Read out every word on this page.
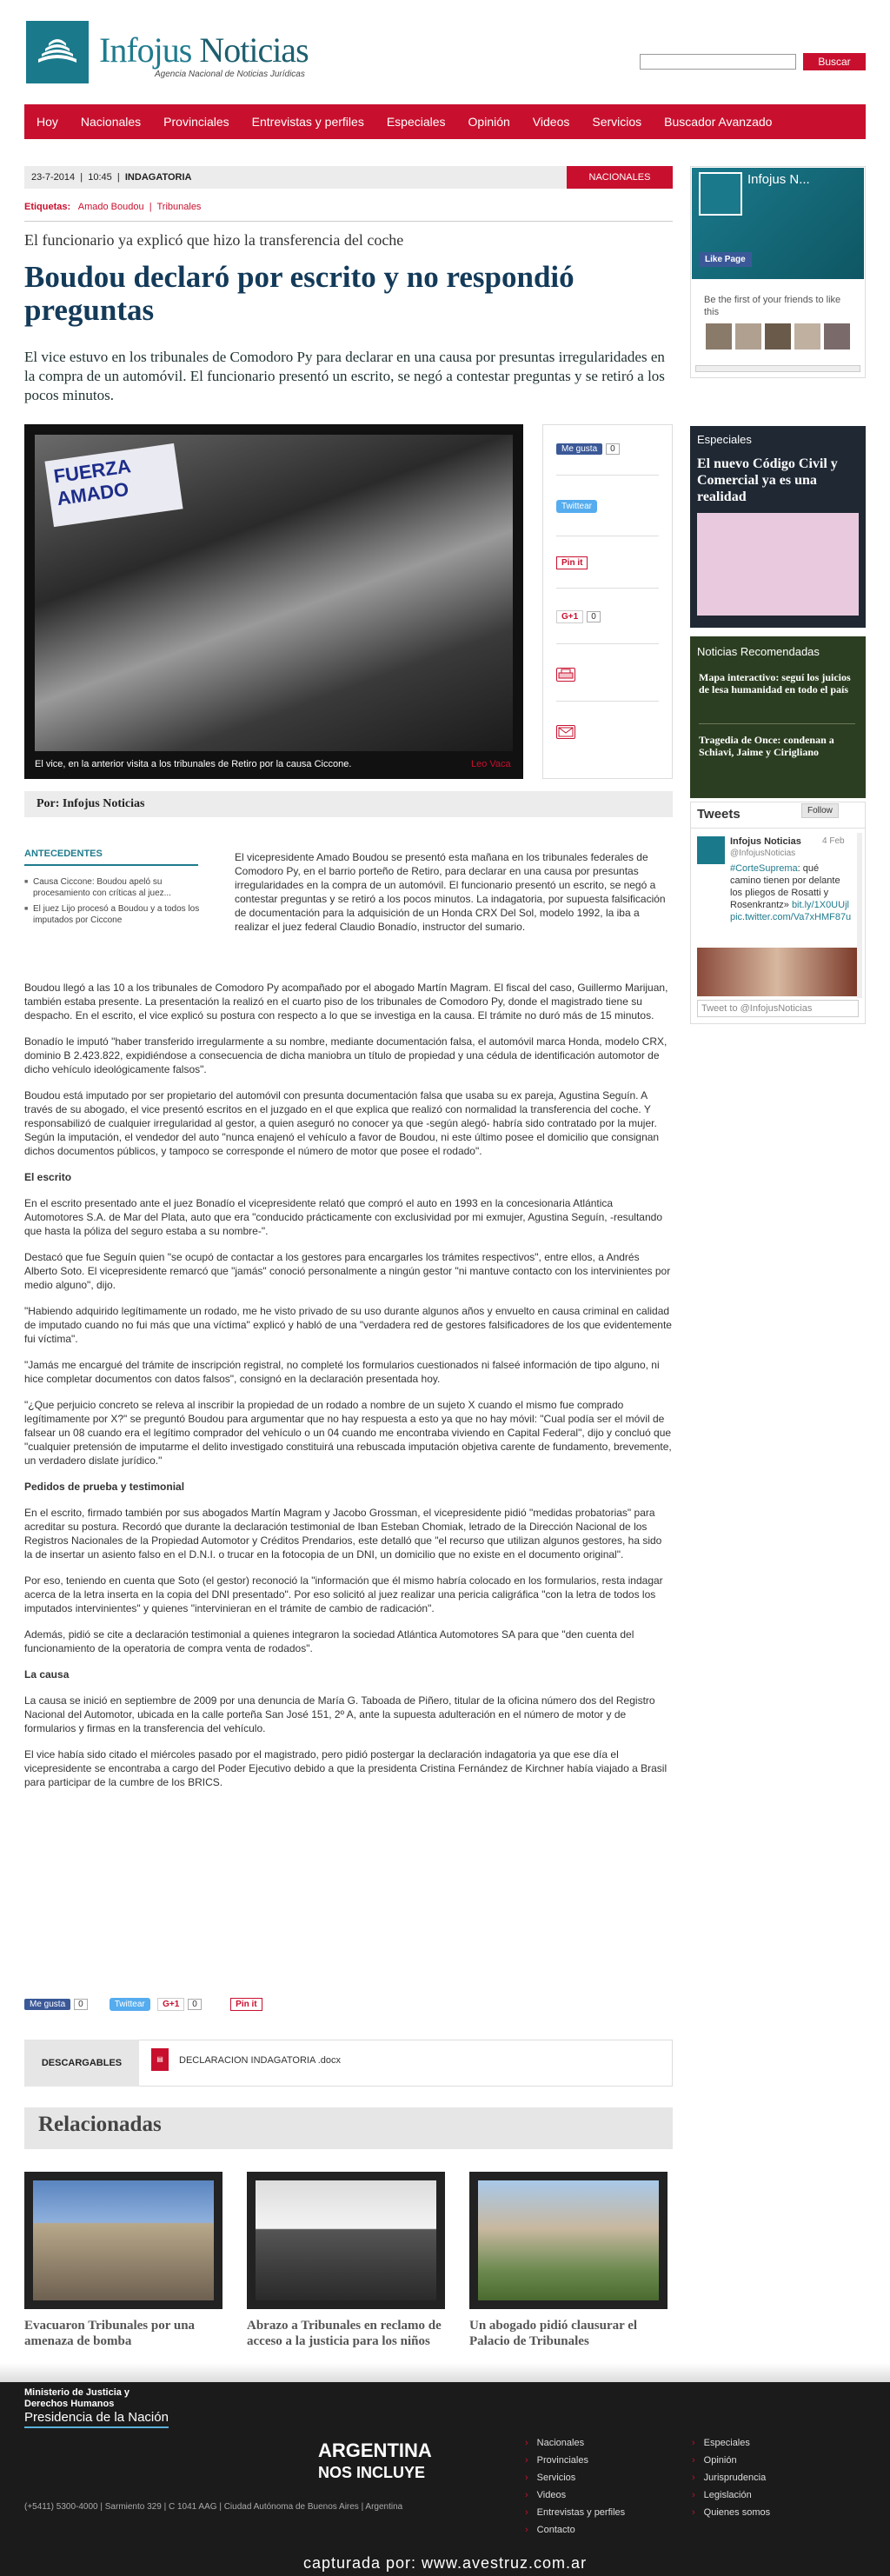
Infojus Noticias
Agencia Nacional de Noticias Jurídicas
Buscar
Hoy Nacionales Provinciales Entrevistas y perfiles Especiales Opinión Videos Servicios Buscador Avanzado
23-7-2014  |  10:45  |  INDAGATORIA	NACIONALES
Etiquetas: Amado Boudou  |  Tribunales
El funcionario ya explicó que hizo la transferencia del coche
Boudou declaró por escrito y no respondió preguntas
El vice estuvo en los tribunales de Comodoro Py para declarar en una causa por presuntas irregularidades en la compra de un automóvil. El funcionario presentó un escrito, se negó a contestar preguntas y se retiró a los pocos minutos.
FUERZA AMADO
El vice, en la anterior visita a los tribunales de Retiro por la causa Ciccone.	Leo Vaca
Me gusta 0
Twittear
Pin it
G+1 0
Por: Infojus Noticias
ANTECEDENTES
■ Causa Ciccone: Boudou apeló su procesamiento con críticas al juez...
■ El juez Lijo procesó a Boudou y a todos los imputados por Ciccone
El vicepresidente Amado Boudou se presentó esta mañana en los tribunales federales de Comodoro Py, en el barrio porteño de Retiro, para declarar en una causa por presuntas irregularidades en la compra de un automóvil. El funcionario presentó un escrito, se negó a contestar preguntas y se retiró a los pocos minutos. La indagatoria, por supuesta falsificación de documentación para la adquisición de un Honda CRX Del Sol, modelo 1992, la iba a realizar el juez federal Claudio Bonadío, instructor del sumario.

Boudou llegó a las 10 a los tribunales de Comodoro Py acompañado por el abogado Martín Magram. El fiscal del caso, Guillermo Marijuan, también estaba presente. La presentación la realizó en el cuarto piso de los tribunales de Comodoro Py, donde el magistrado tiene su despacho. En el escrito, el vice explicó su postura con respecto a lo que se investiga en la causa. El trámite no duró más de 15 minutos.

Bonadío le imputó "haber transferido irregularmente a su nombre, mediante documentación falsa, el automóvil marca Honda, modelo CRX, dominio B 2.423.822, expidiéndose a consecuencia de dicha maniobra un título de propiedad y una cédula de identificación automotor de dicho vehículo ideológicamente falsos".

Boudou está imputado por ser propietario del automóvil con presunta documentación falsa que usaba su ex pareja, Agustina Seguín. A través de su abogado, el vice presentó escritos en el juzgado en el que explica que realizó con normalidad la transferencia del coche. Y responsabilizó de cualquier irregularidad al gestor, a quien aseguró no conocer ya que -según alegó- habría sido contratado por la mujer. Según la imputación, el vendedor del auto "nunca enajenó el vehículo a favor de Boudou, ni este último posee el domicilio que consignan dichos documentos públicos, y tampoco se corresponde el número de motor que posee el rodado".

El escrito

En el escrito presentado ante el juez Bonadío el vicepresidente relató que compró el auto en 1993 en la concesionaria Atlántica Automotores S.A. de Mar del Plata, auto que era "conducido prácticamente con exclusividad por mi exmujer, Agustina Seguín, -resultando que hasta la póliza del seguro estaba a su nombre-".

Destacó que fue Seguín quien "se ocupó de contactar a los gestores para encargarles los trámites respectivos", entre ellos, a Andrés Alberto Soto. El vicepresidente remarcó que "jamás" conoció personalmente a ningún gestor "ni mantuve contacto con los intervinientes por medio alguno", dijo.

"Habiendo adquirido legítimamente un rodado, me he visto privado de su uso durante algunos años y envuelto en causa criminal en calidad de imputado cuando no fui más que una víctima" explicó y habló de una "verdadera red de gestores falsificadores de los que evidentemente fui víctima".

"Jamás me encargué del trámite de inscripción registral, no completé los formularios cuestionados ni falseé información de tipo alguno, ni hice completar documentos con datos falsos", consignó en la declaración presentada hoy.

"¿Que perjuicio concreto se releva al inscribir la propiedad de un rodado a nombre de un sujeto X cuando el mismo fue comprado legítimamente por X?" se preguntó Boudou para argumentar que no hay respuesta a esto ya que no hay móvil: "Cual podía ser el móvil de falsear un 08 cuando era el legítimo comprador del vehículo o un 04 cuando me encontraba viviendo en Capital Federal", dijo y concluó que "cualquier pretensión de imputarme el delito investigado constituirá una rebuscada imputación objetiva carente de fundamento, brevemente, un verdadero dislate jurídico."

Pedidos de prueba y testimonial

En el escrito, firmado también por sus abogados Martín Magram y Jacobo Grossman, el vicepresidente pidió "medidas probatorias" para acreditar su postura. Recordó que durante la declaración testimonial de Iban Esteban Chomiak, letrado de la Dirección Nacional de los Registros Nacionales de la Propiedad Automotor y Créditos Prendarios, este detalló que "el recurso que utilizan algunos gestores, ha sido la de insertar un asiento falso en el D.N.I. o trucar en la fotocopia de un DNI, un domicilio que no existe en el documento original".

Por eso, teniendo en cuenta que Soto (el gestor) reconoció la "información que él mismo habría colocado en los formularios, resta indagar acerca de la letra inserta en la copia del DNI presentado". Por eso solicitó al juez realizar una pericia caligráfica "con la letra de todos los imputados intervinientes" y quienes "intervinieran en el trámite de cambio de radicación".

Además, pidió se cite a declaración testimonial a quienes integraron la sociedad Atlántica Automotores SA para que "den cuenta del funcionamiento de la operatoria de compra venta de rodados".

La causa

La causa se inició en septiembre de 2009 por una denuncia de María G. Taboada de Piñero, titular de la oficina número dos del Registro Nacional del Automotor, ubicada en la calle porteña San José 151, 2º A, ante la supuesta adulteración en el número de motor y de formularios y firmas en la transferencia del vehículo.

El vice había sido citado el miércoles pasado por el magistrado, pero pidió postergar la declaración indagatoria ya que ese día el vicepresidente se encontraba a cargo del Poder Ejecutivo debido a que la presidenta Cristina Fernández de Kirchner había viajado a Brasil para participar de la cumbre de los BRICS.

Me gusta 0	Twittear G+1 0	Pin it
DESCARGABLES	▤	DECLARACION INDAGATORIA .docx
Relacionadas
Evacuaron Tribunales por una amenaza de bomba
Abrazo a Tribunales en reclamo de acceso a la justicia para los niños
Un abogado pidió clausurar el Palacio de Tribunales
Infojus N...
Like Page
Be the first of your friends to like this
Especiales
El nuevo Código Civil y Comercial ya es una realidad
Noticias Recomendadas
Mapa interactivo: seguí los juicios de lesa humanidad en todo el país
Tragedia de Once: condenan a Schiavi, Jaime y Cirigliano
Tweets	Follow
Infojus Noticias
@InfojusNoticias
4 Feb
#CorteSuprema: qué camino tienen por delante los pliegos de Rosatti y Rosenkrantz» bit.ly/1X0UUjl pic.twitter.com/Va7xHMF87u
Tweet to @InfojusNoticias
Ministerio de Justicia y Derechos Humanos
Presidencia de la Nación
ARGENTINA
NOS INCLUYE
(+5411) 5300-4000 | Sarmiento 329 | C 1041 AAG | Ciudad Autónoma de Buenos Aires | Argentina
› Nacionales
› Provinciales
› Servicios
› Videos
› Entrevistas y perfiles
› Contacto
› Especiales
› Opinión
› Jurisprudencia
› Legislación
› Quienes somos
capturada por: www.avestruz.com.ar
